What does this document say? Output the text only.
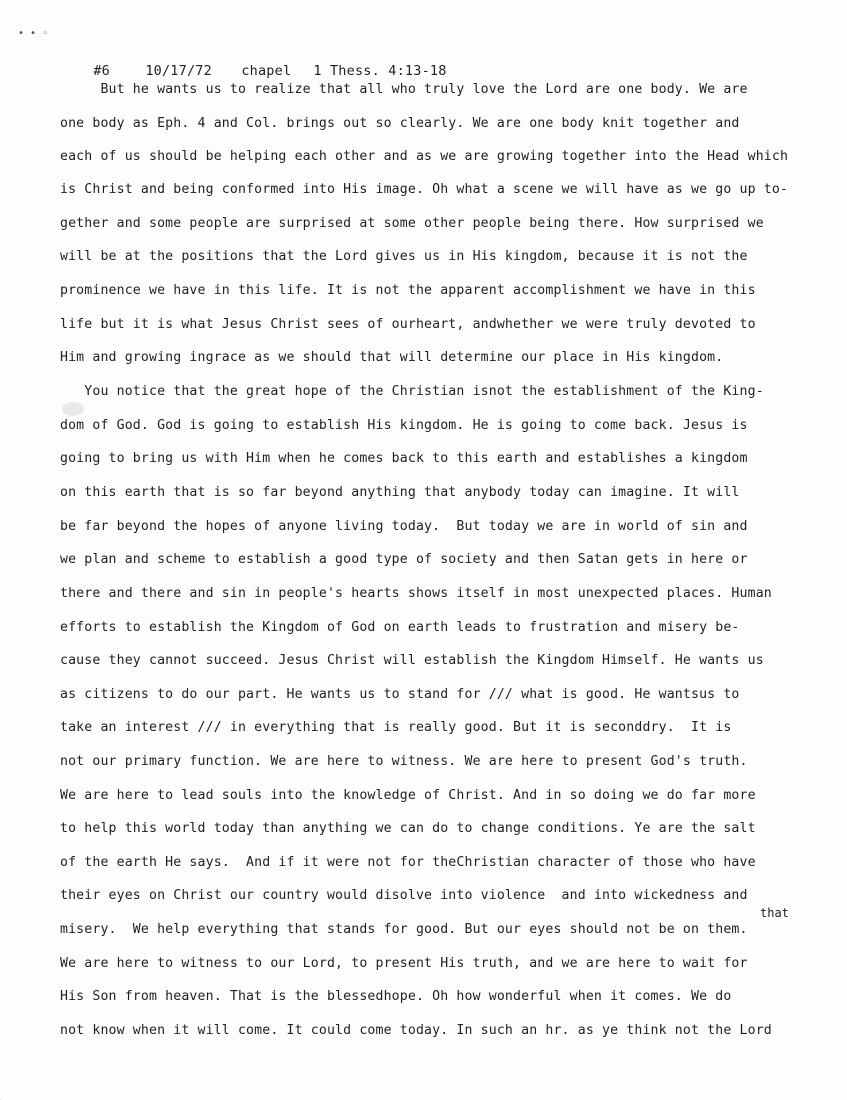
• • ◦

#6	10/17/72 chapel 1 Thess. 4:13-18

But he wants us to realize that all who truly love the Lord are one body. We are
one body as Eph. 4 and Col. brings out so clearly. We are one body knit together and
each of us should be helping each other and as we are growing together into the Head which
is Christ and being conformed into His image. Oh what a scene we will have as we go up to-
gether and some people are surprised at some other people being there. How surprised we
will be at the positions that the Lord gives us in His kingdom, because it is not the
prominence we have in this life. It is not the apparent accomplishment we have in this
life but it is what Jesus Christ sees of ourheart, andwhether we were truly devoted to
Him and growing ingrace as we should that will determine our place in His kingdom.
You notice that the great hope of the Christian isnot the establishment of the King-
dom of God. God is going to establish His kingdom. He is going to come back. Jesus is
going to bring us with Him when he comes back to this earth and establishes a kingdom
on this earth that is so far beyond anything that anybody today can imagine. It will
be far beyond the hopes of anyone living today.  But today we are in world of sin and
we plan and scheme to establish a good type of society and then Satan gets in here or
there and there and sin in people's hearts shows itself in most unexpected places. Human
efforts to establish the Kingdom of God on earth leads to frustration and misery be-
cause they cannot succeed. Jesus Christ will establish the Kingdom Himself. He wants us
as citizens to do our part. He wants us to stand for /// what is good. He wantsus to
take an interest /// in everything that is really good. But it is seconddry.  It is
not our primary function. We are here to witness. We are here to present God's truth.
We are here to lead souls into the knowledge of Christ. And in so doing we do far more
to help this world today than anything we can do to change conditions. Ye are the salt
of the earth He says.  And if it were not for theChristian character of those who have
their eyes on Christ our country would disolve into violence  and into wickedness and
misery.  We help everything that stands for good. But our eyes should not be on them.
We are here to witness to our Lord, to present His truth, and we are here to wait for
His Son from heaven. That is the blessedhope. Oh how wonderful when it comes. We do
not know when it will come. It could come today. In such an hr. as ye think not the Lord
that
